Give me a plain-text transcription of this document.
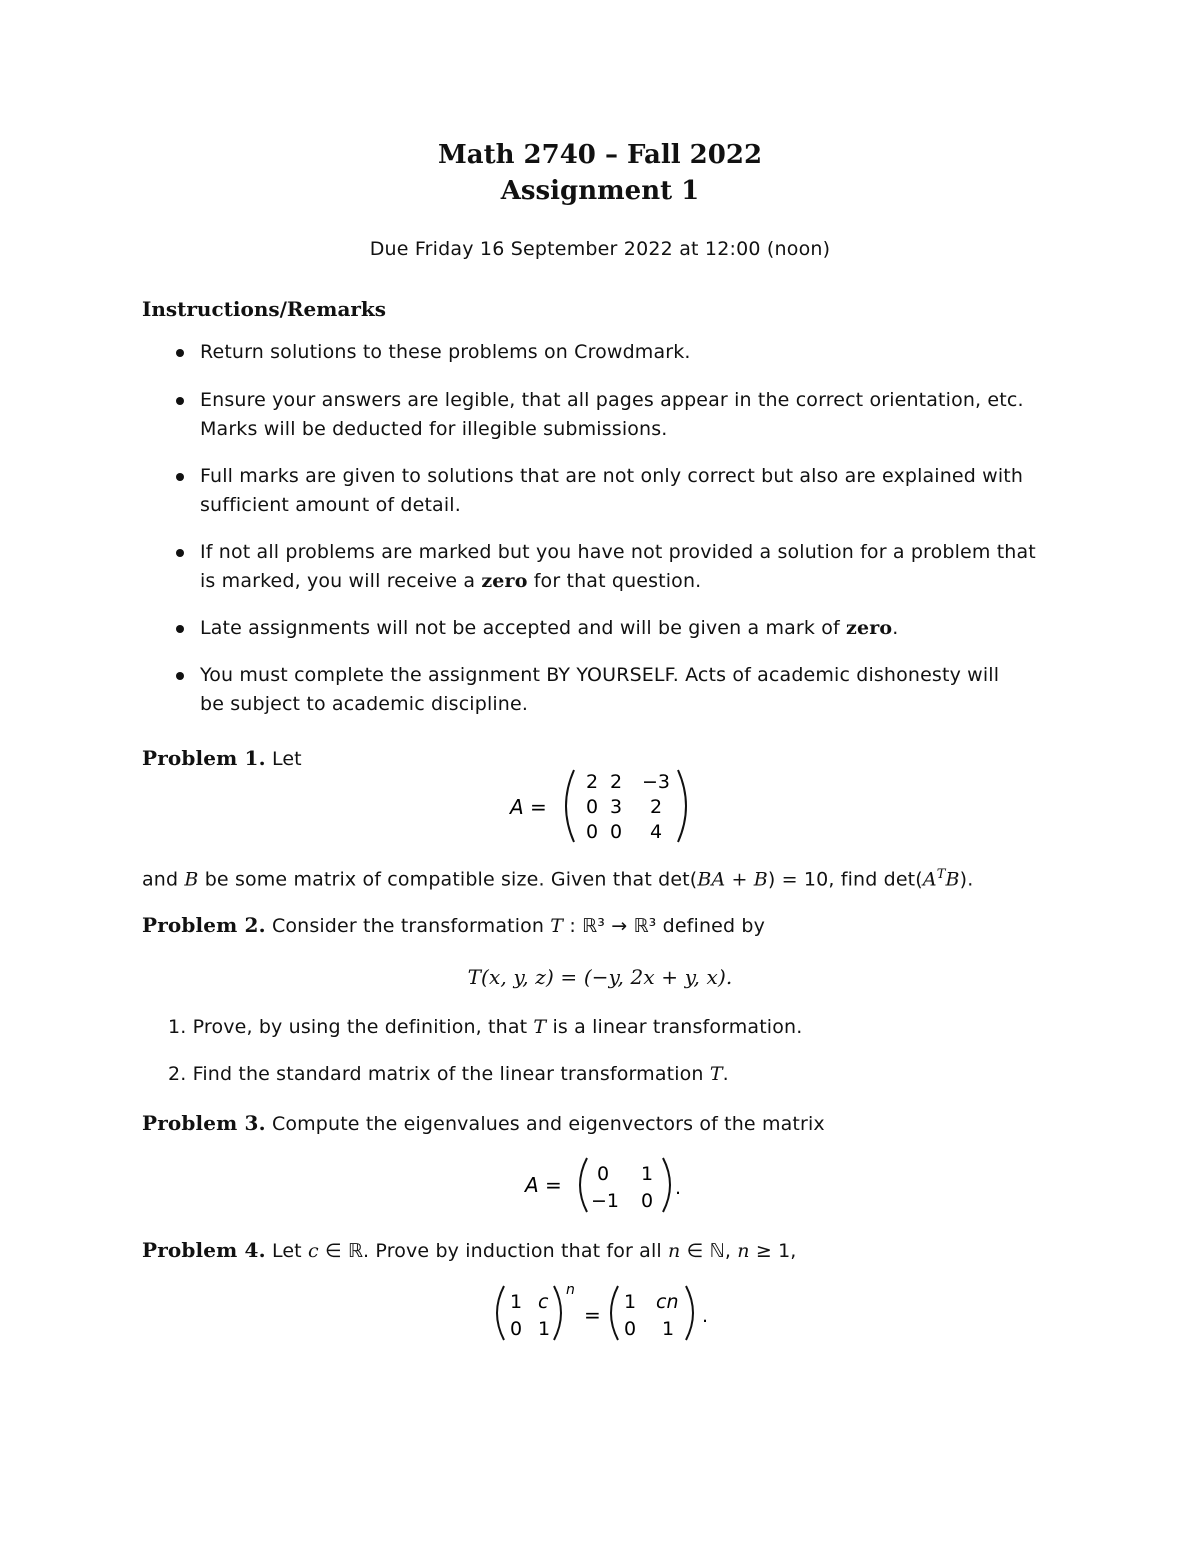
Math 2740 – Fall 2022
Assignment 1
Due Friday 16 September 2022 at 12:00 (noon)
Instructions/Remarks
Return solutions to these problems on Crowdmark.
Ensure your answers are legible, that all pages appear in the correct orientation, etc.
Marks will be deducted for illegible submissions.
Full marks are given to solutions that are not only correct but also are explained with
sufficient amount of detail.
If not all problems are marked but you have not provided a solution for a problem that
is marked, you will receive a zero for that question.
Late assignments will not be accepted and will be given a mark of zero.
You must complete the assignment BY YOURSELF. Acts of academic dishonesty will
be subject to academic discipline.
Problem 1. Let
A =
2 2 −3
0 3 2
0 0 4
and B be some matrix of compatible size. Given that det(BA + B) = 10, find $\det(A^TB)$.
Problem 2. Consider the transformation T : ℝ³ → ℝ³ defined by
T(x, y, z) = (−y, 2x + y, x).
1. Prove, by using the definition, that T is a linear transformation.
2. Find the standard matrix of the linear transformation T.
Problem 3. Compute the eigenvalues and eigenvectors of the matrix
A = 0 1
−1 0
.
Problem 4. Let c ∈ ℝ. Prove by induction that for all n ∈ ℕ, n ≥ 1,
1 c
0 1
n
=
1 cn
0 1
.
